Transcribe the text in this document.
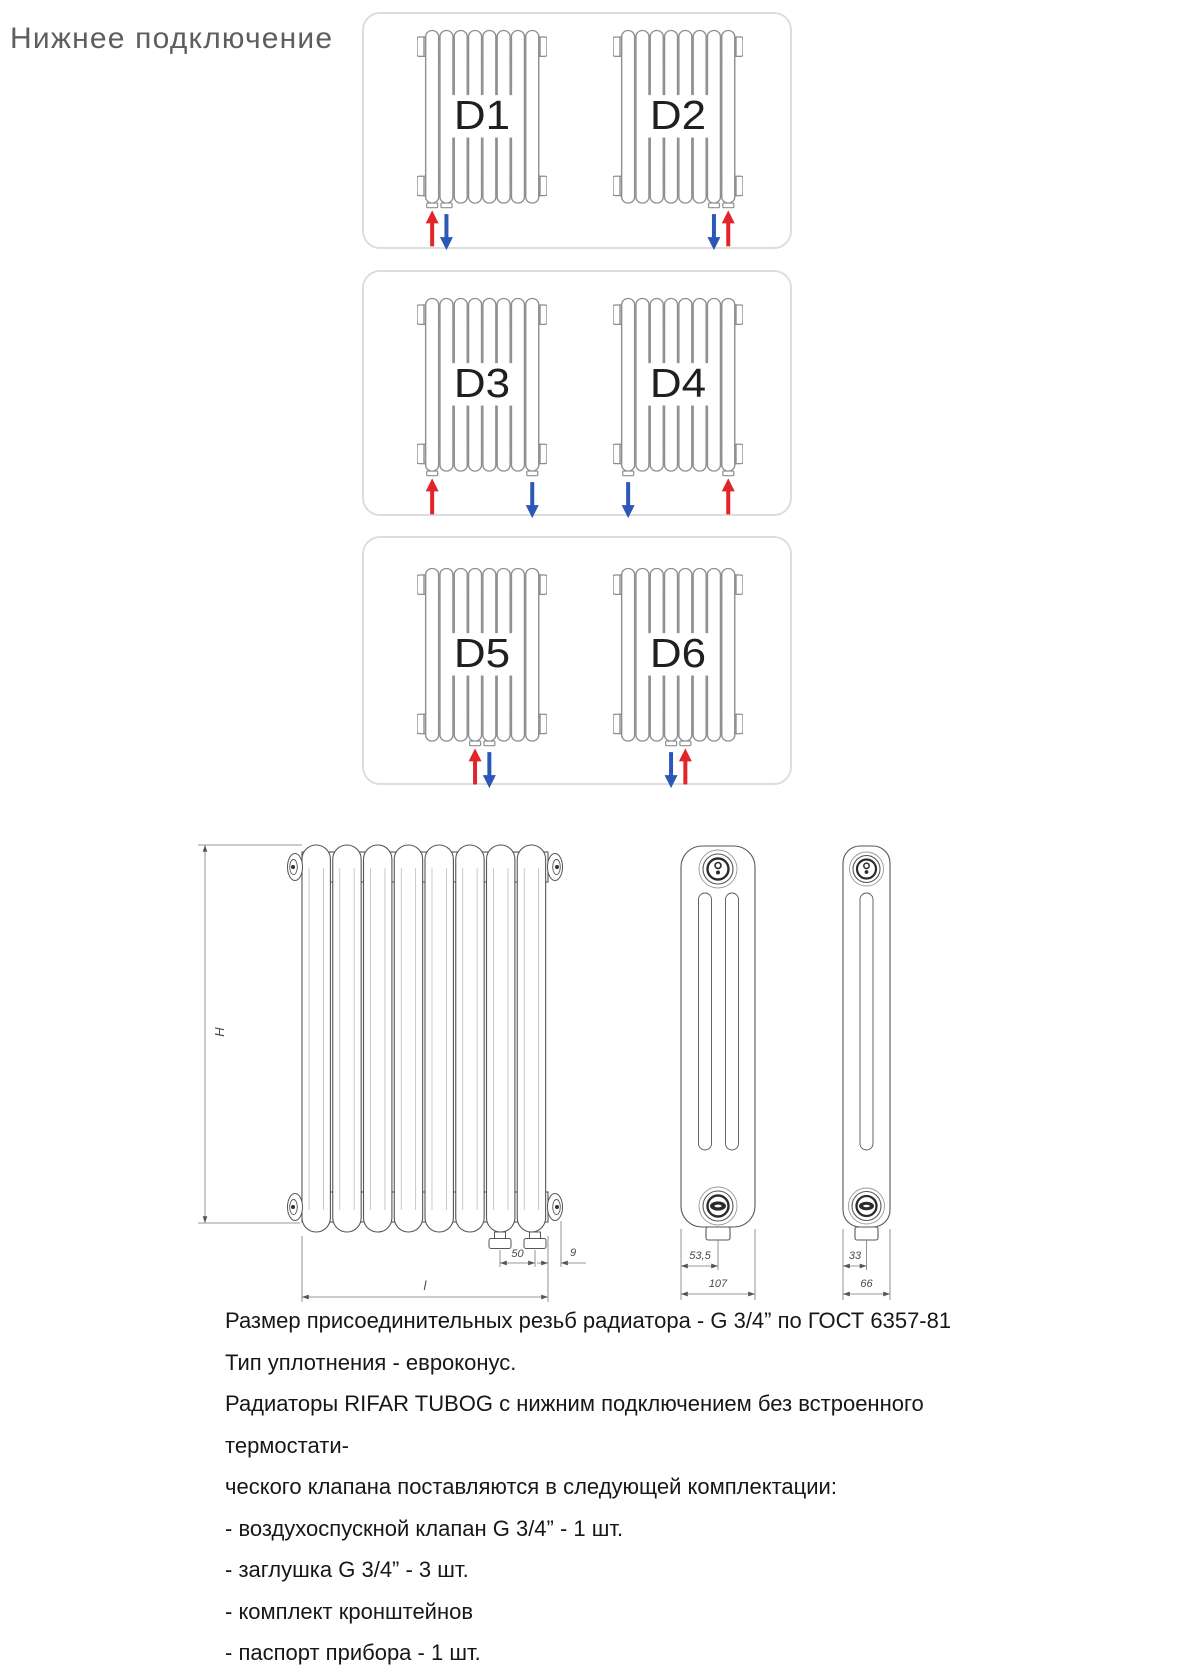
Нижнее подключение
D1	D2
D3	D4
D5	D6
H
l
50	9	53,5
107
33
66

Размер присоединительных резьб радиатора - G 3/4” по ГОСТ 6357-81

Тип уплотнения - евроконус.

Радиаторы RIFAR TUBOG с нижним подключением без встроенного термостати-

ческого клапана поставляются в следующей комплектации:

- воздухоспускной клапан G 3/4” - 1 шт.

- заглушка G 3/4” - 3 шт.

- комплект кронштейнов

- паспорт прибора - 1 шт.
